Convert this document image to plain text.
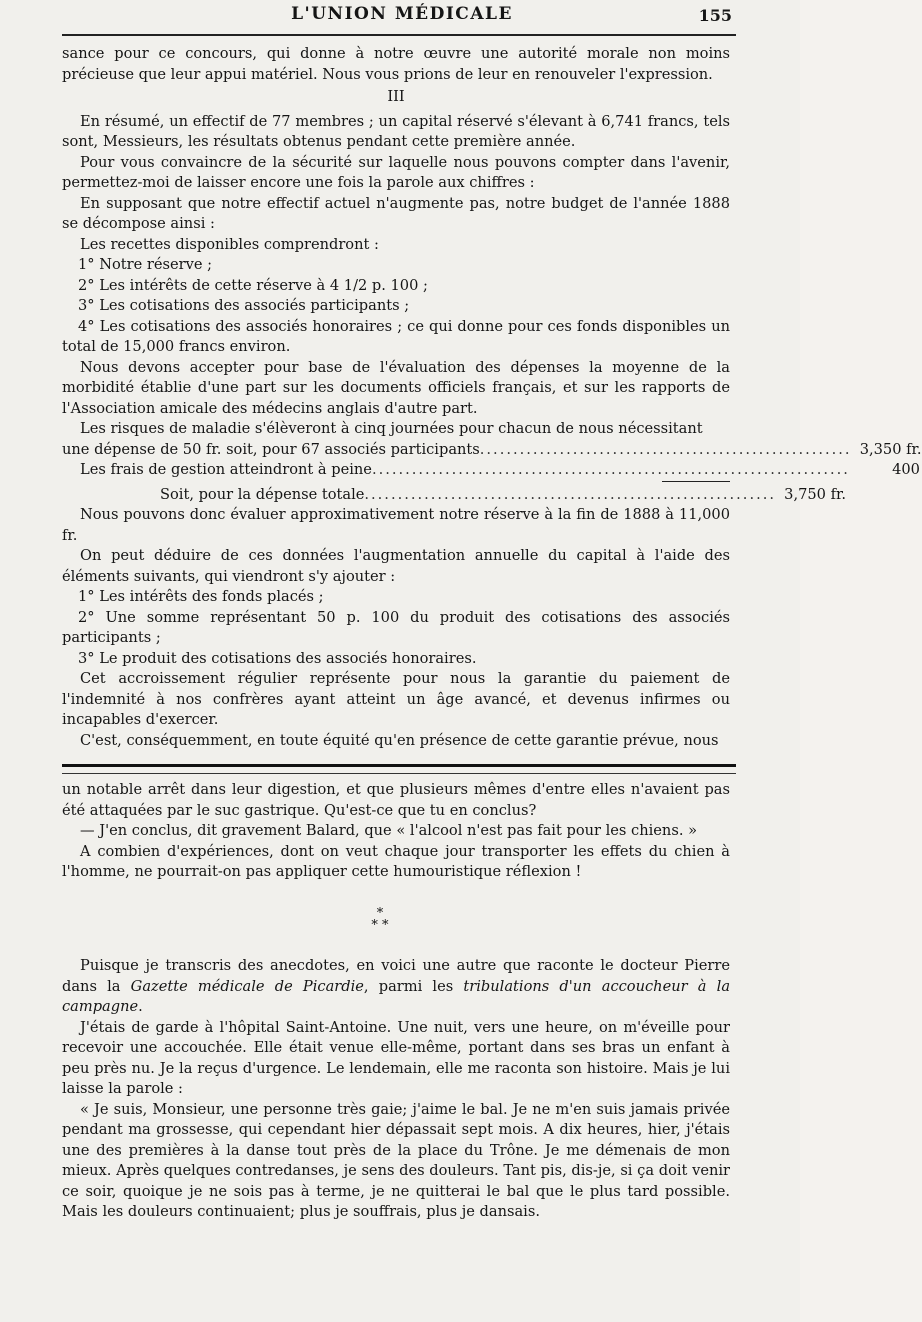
L'UNION MÉDICALE	155

sance pour ce concours, qui donne à notre œuvre une autorité morale non moins précieuse que leur appui matériel. Nous vous prions de leur en renouveler l'expression.

III

En résumé, un effectif de 77 membres ; un capital réservé s'élevant à 6,741 francs, tels sont, Messieurs, les résultats obtenus pendant cette première année.

Pour vous convaincre de la sécurité sur laquelle nous pouvons compter dans l'avenir, permettez-moi de laisser encore une fois la parole aux chiffres :

En supposant que notre effectif actuel n'augmente pas, notre budget de l'année 1888 se décompose ainsi :

Les recettes disponibles comprendront :

1° Notre réserve ;

2° Les intérêts de cette réserve à 4 1/2 p. 100 ;

3° Les cotisations des associés participants ;

4° Les cotisations des associés honoraires ; ce qui donne pour ces fonds disponibles un total de 15,000 francs environ.

Nous devons accepter pour base de l'évaluation des dépenses la moyenne de la morbidité établie d'une part sur les documents officiels français, et sur les rapports de l'Association amicale des médecins anglais d'autre part.

Les risques de maladie s'élèveront à cinq journées pour chacun de nous nécessitant

une dépense de 50 fr. soit, pour 67 associés participants ........................................................ 3,350 fr.
Les frais de gestion atteindront à peine ........................................................................	400
Soit, pour la dépense totale .............................................................. 3,750 fr.

Nous pouvons donc évaluer approximativement notre réserve à la fin de 1888 à 11,000 fr.

On peut déduire de ces données l'augmentation annuelle du capital à l'aide des éléments suivants, qui viendront s'y ajouter :

1° Les intérêts des fonds placés ;

2° Une somme représentant 50 p. 100 du produit des cotisations des associés participants ;

3° Le produit des cotisations des associés honoraires.

Cet accroissement régulier représente pour nous la garantie du paiement de l'indemnité à nos confrères ayant atteint un âge avancé, et devenus infirmes ou incapables d'exercer.

C'est, conséquemment, en toute équité qu'en présence de cette garantie prévue, nous

un notable arrêt dans leur digestion, et que plusieurs mêmes d'entre elles n'avaient pas été attaquées par le suc gastrique. Qu'est-ce que tu en conclus?

— J'en conclus, dit gravement Balard, que « l'alcool n'est pas fait pour les chiens. »

A combien d'expériences, dont on veut chaque jour transporter les effets du chien à l'homme, ne pourrait-on pas appliquer cette humouristique réflexion !

*
* *

Puisque je transcris des anecdotes, en voici une autre que raconte le docteur Pierre dans la Gazette médicale de Picardie, parmi les tribulations d'un accoucheur à la campagne.

J'étais de garde à l'hôpital Saint-Antoine. Une nuit, vers une heure, on m'éveille pour recevoir une accouchée. Elle était venue elle-même, portant dans ses bras un enfant à peu près nu. Je la reçus d'urgence. Le lendemain, elle me raconta son histoire. Mais je lui laisse la parole :

« Je suis, Monsieur, une personne très gaie; j'aime le bal. Je ne m'en suis jamais privée pendant ma grossesse, qui cependant hier dépassait sept mois. A dix heures, hier, j'étais une des premières à la danse tout près de la place du Trône. Je me démenais de mon mieux. Après quelques contredanses, je sens des douleurs. Tant pis, dis-je, si ça doit venir ce soir, quoique je ne sois pas à terme, je ne quitterai le bal que le plus tard possible. Mais les douleurs continuaient; plus je souffrais, plus je dansais.
